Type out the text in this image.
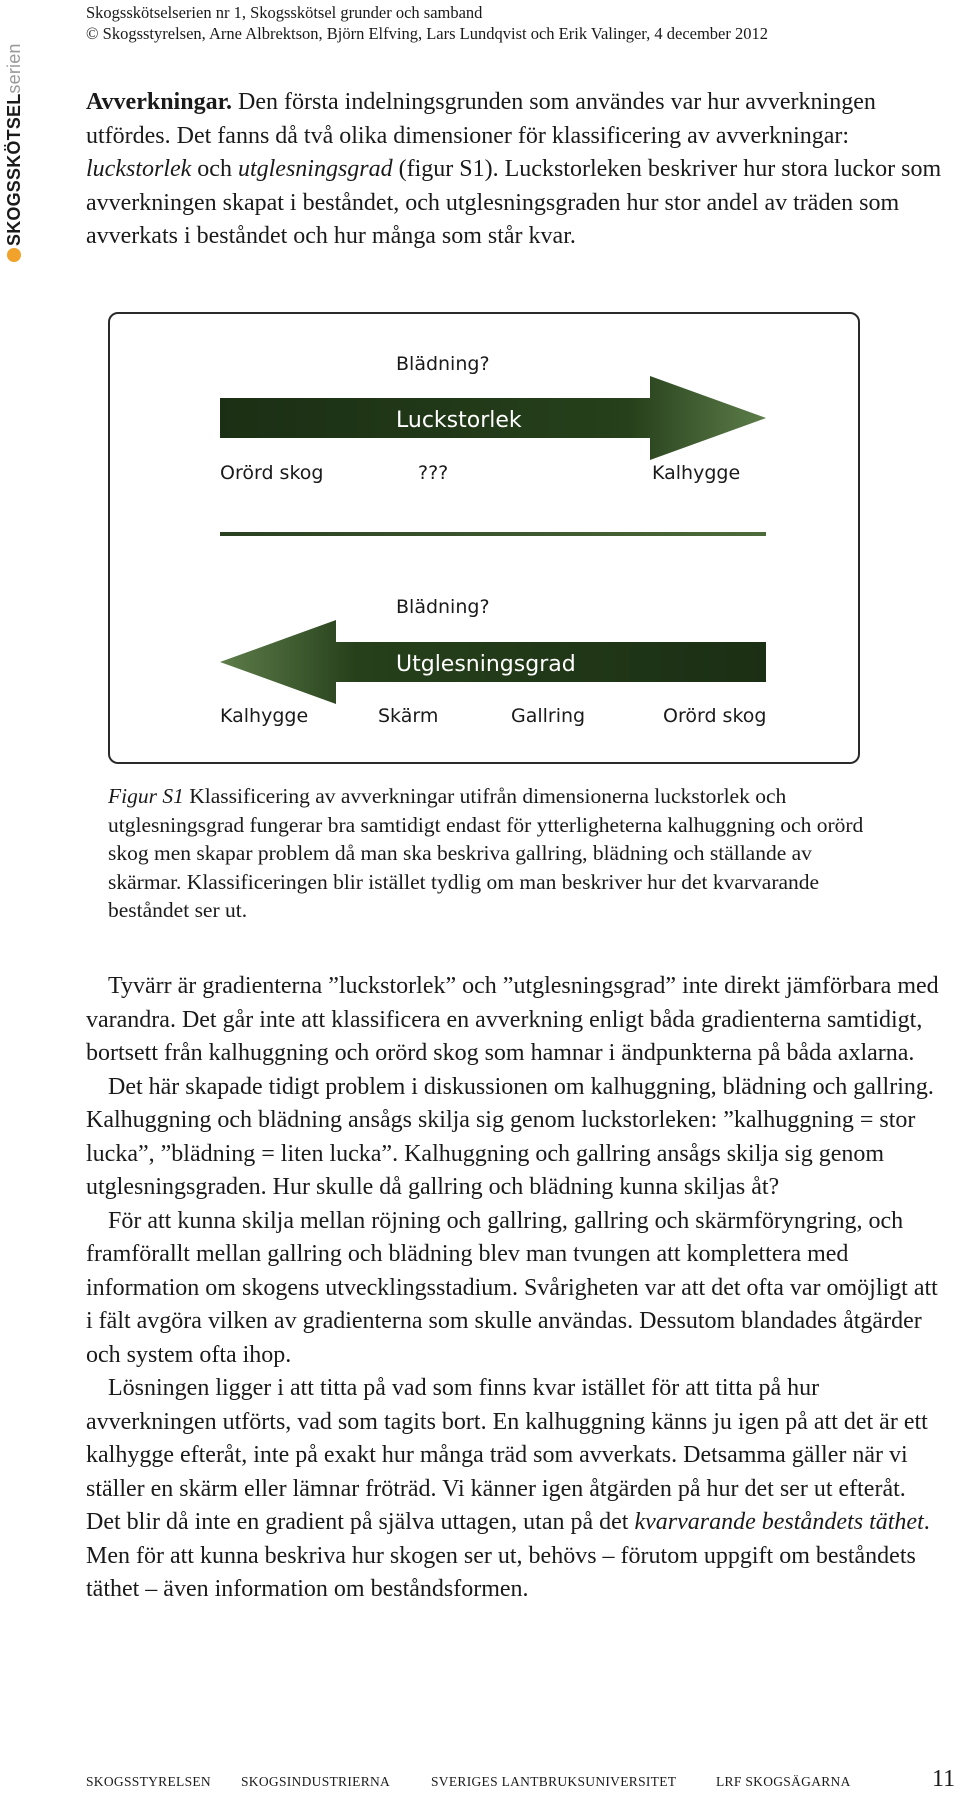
SKOGSSKÖTSELserien
Skogsskötselserien nr 1, Skogsskötsel grunder och samband
© Skogsstyrelsen, Arne Albrektson, Björn Elfving, Lars Lundqvist och Erik Valinger, 4 december 2012

Avverkningar. Den första indelningsgrunden som användes var hur avverkningen utfördes. Det fanns då två olika dimensioner för klassificering av avverkningar: luckstorlek och utglesningsgrad (figur S1). Luckstorleken beskriver hur stora luckor som avverkningen skapat i beståndet, och utglesningsgraden hur stor andel av träden som avverkats i beståndet och hur många som står kvar.

Blädning?
Luckstorlek
Orörd skog	???	Kalhygge
Blädning?
Utglesningsgrad
Kalhygge	Skärm	Gallring	Orörd skog
Figur S1 Klassificering av avverkningar utifrån dimensionerna luckstorlek och utglesningsgrad fungerar bra samtidigt endast för ytterligheterna kalhuggning och orörd skog men skapar problem då man ska beskriva gallring, blädning och ställande av skärmar. Klassificeringen blir istället tydlig om man beskriver hur det kvarvarande beståndet ser ut.

Tyvärr är gradienterna ”luckstorlek” och ”utglesningsgrad” inte direkt jämförbara med varandra. Det går inte att klassificera en avverkning enligt båda gradienterna samtidigt, bortsett från kalhuggning och orörd skog som hamnar i ändpunkterna på båda axlarna.

Det här skapade tidigt problem i diskussionen om kalhuggning, blädning och gallring. Kalhuggning och blädning ansågs skilja sig genom luckstorleken: ”kalhuggning = stor lucka”, ”blädning = liten lucka”. Kalhuggning och gallring ansågs skilja sig genom utglesningsgraden. Hur skulle då gallring och blädning kunna skiljas åt?

För att kunna skilja mellan röjning och gallring, gallring och skärmföryngring, och framförallt mellan gallring och blädning blev man tvungen att komplettera med information om skogens utvecklingsstadium. Svårigheten var att det ofta var omöjligt att i fält avgöra vilken av gradienterna som skulle användas. Dessutom blandades åtgärder och system ofta ihop.

Lösningen ligger i att titta på vad som finns kvar istället för att titta på hur avverkningen utförts, vad som tagits bort. En kalhuggning känns ju igen på att det är ett kalhygge efteråt, inte på exakt hur många träd som avverkats. Detsamma gäller när vi ställer en skärm eller lämnar fröträd. Vi känner igen åtgärden på hur det ser ut efteråt. Det blir då inte en gradient på själva uttagen, utan på det kvarvarande beståndets täthet. Men för att kunna beskriva hur skogen ser ut, behövs – förutom uppgift om beståndets täthet – även information om beståndsformen.

SKOGSSTYRELSEN SKOGSINDUSTRIERNA	SVERIGES LANTBRUKSUNIVERSITET	LRF SKOGSÄGARNA	11
